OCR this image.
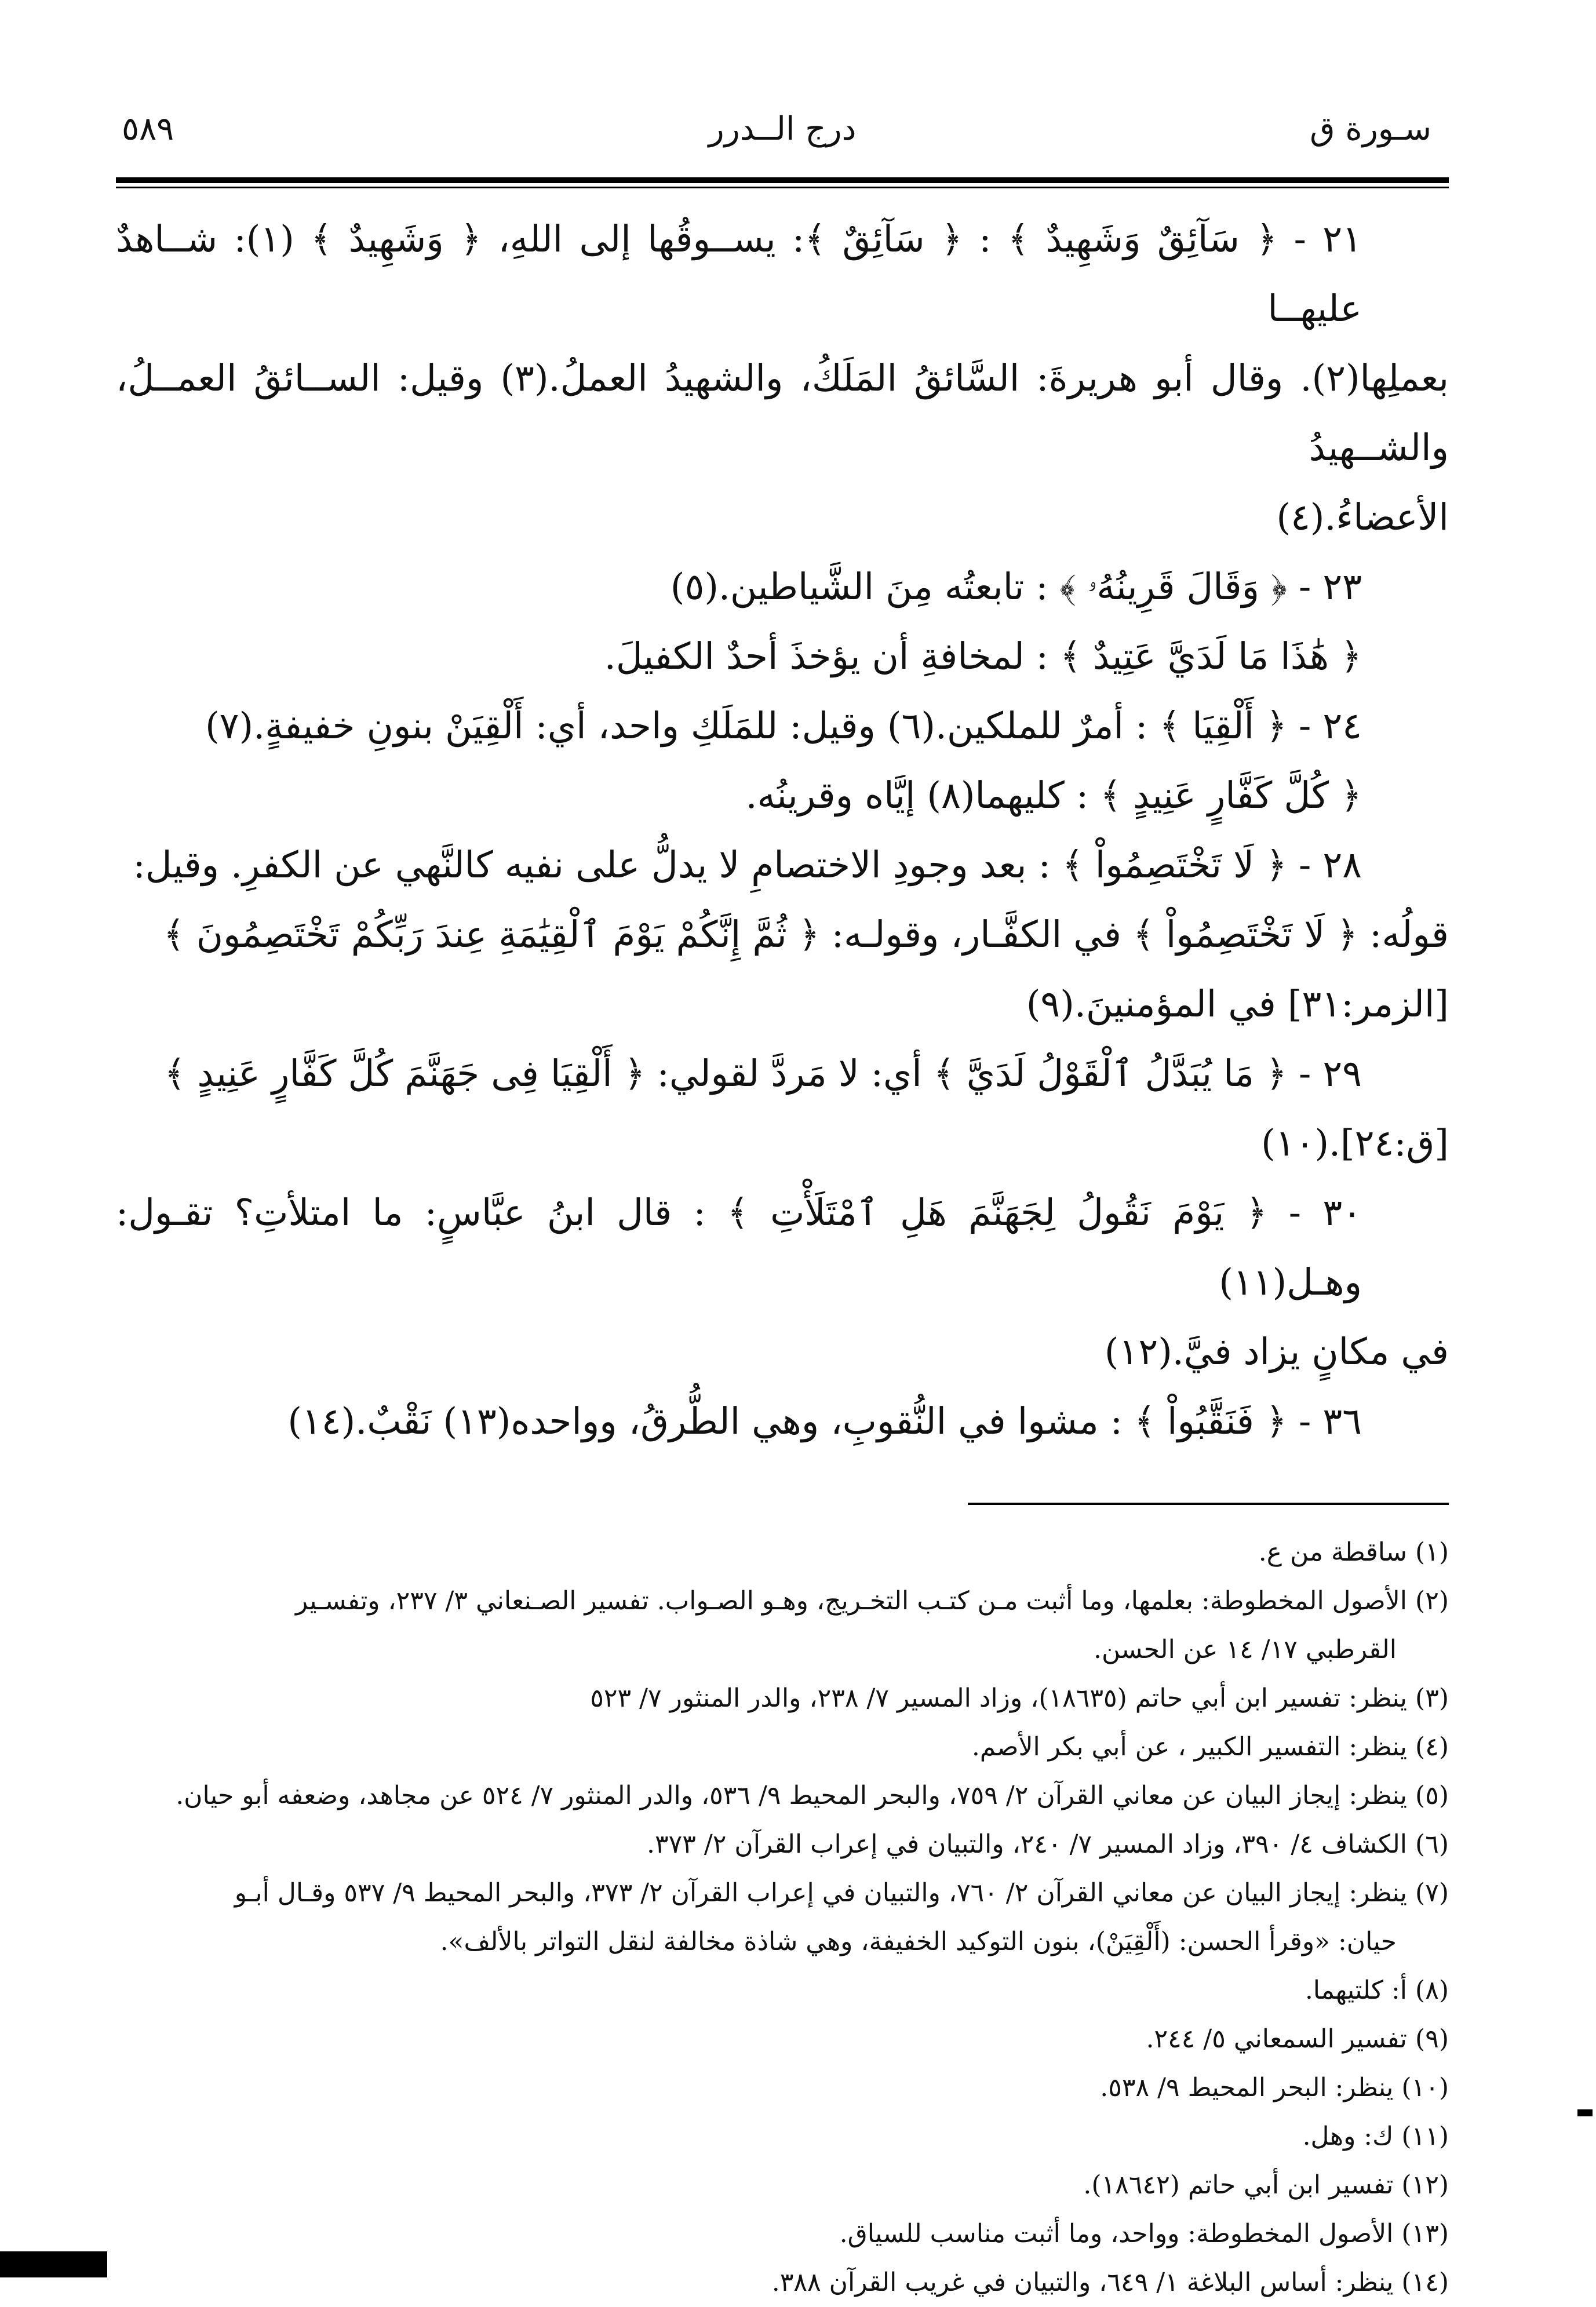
سـورة ق
درج الــدرر
٥٨٩

٢١ - ﴿ سَآئِقٌ وَشَهِيدٌ ﴾ : ﴿ سَآئِقٌ ﴾: يســوقُها إلى اللهِ، ﴿ وَشَهِيدٌ ﴾ (١): شــاهدٌ عليهــا

بعملِها(٢). وقال أبو هريرةَ: السَّائقُ المَلَكُ، والشهيدُ العملُ.(٣) وقيل: الســائقُ العمــلُ، والشــهيدُ

الأعضاءُ.(٤)

٢٣ - ﴿ وَقَالَ قَرِينُهُۥ ﴾ : تابعتُه مِنَ الشَّياطين.(٥)

﴿ هَٰذَا مَا لَدَيَّ عَتِيدٌ ﴾ : لمخافةِ أن يؤخذَ أحدٌ الكفيلَ.

٢٤ - ﴿ أَلْقِيَا ﴾ : أمرٌ للملكين.(٦) وقيل: للمَلَكِ واحد، أي: أَلْقِيَنْ بنونِ خفيفةٍ.(٧)

﴿ كُلَّ كَفَّارٍ عَنِيدٍ ﴾ : كليهما(٨) إيَّاه وقرينُه.

٢٨ - ﴿ لَا تَخْتَصِمُواْ ﴾ : بعد وجودِ الاختصامِ لا يدلُّ على نفيه كالنَّهي عن الكفرِ. وقيل:

قولُه: ﴿ لَا تَخْتَصِمُواْ ﴾ في الكفَّـار، وقولـه: ﴿ ثُمَّ إِنَّكُمْ يَوْمَ ٱلْقِيَٰمَةِ عِندَ رَبِّكُمْ تَخْتَصِمُونَ ﴾

[الزمر:٣١] في المؤمنينَ.(٩)

٢٩ - ﴿ مَا يُبَدَّلُ ٱلْقَوْلُ لَدَيَّ ﴾ أي: لا مَردَّ لقولي: ﴿ أَلْقِيَا فِى جَهَنَّمَ كُلَّ كَفَّارٍ عَنِيدٍ ﴾

[ق:٢٤].(١٠)

٣٠ - ﴿ يَوْمَ نَقُولُ لِجَهَنَّمَ هَلِ ٱمْتَلَأْتِ ﴾ : قال ابنُ عبَّاسٍ: ما امتلأتِ؟ تقـول: وهـل(١١)

في مكانٍ يزاد فيَّ.(١٢)

٣٦ - ﴿ فَنَقَّبُواْ ﴾ : مشوا في النُّقوبِ، وهي الطُّرقُ، وواحده(١٣) نَقْبٌ.(١٤)

(١) ساقطة من ع.

(٢) الأصول المخطوطة: بعلمها، وما أثبت مـن كتـب التخـريج، وهـو الصـواب. تفسير الصـنعاني ٣/ ٢٣٧، وتفسـير

القرطبي ١٧/ ١٤ عن الحسن.

(٣) ينظر: تفسير ابن أبي حاتم (١٨٦٣٥)، وزاد المسير ٧/ ٢٣٨، والدر المنثور ٧/ ٥٢٣

(٤) ينظر: التفسير الكبير ، عن أبي بكر الأصم.

(٥) ينظر: إيجاز البيان عن معاني القرآن ٢/ ٧٥٩، والبحر المحيط ٩/ ٥٣٦، والدر المنثور ٧/ ٥٢٤ عن مجاهد، وضعفه أبو حيان.

(٦) الكشاف ٤/ ٣٩٠، وزاد المسير ٧/ ٢٤٠، والتبيان في إعراب القرآن ٢/ ٣٧٣.

(٧) ينظر: إيجاز البيان عن معاني القرآن ٢/ ٧٦٠، والتبيان في إعراب القرآن ٢/ ٣٧٣، والبحر المحيط ٩/ ٥٣٧ وقـال أبـو

حيان: «وقرأ الحسن: (أَلْقِيَنْ)، بنون التوكيد الخفيفة، وهي شاذة مخالفة لنقل التواتر بالألف».

(٨) أ: كلتيهما.

(٩) تفسير السمعاني ٥/ ٢٤٤.

(١٠) ينظر: البحر المحيط ٩/ ٥٣٨.

(١١) ك: وهل.

(١٢) تفسير ابن أبي حاتم (١٨٦٤٢).

(١٣) الأصول المخطوطة: وواحد، وما أثبت مناسب للسياق.

(١٤) ينظر: أساس البلاغة ١/ ٦٤٩، والتبيان في غريب القرآن ٣٨٨.
